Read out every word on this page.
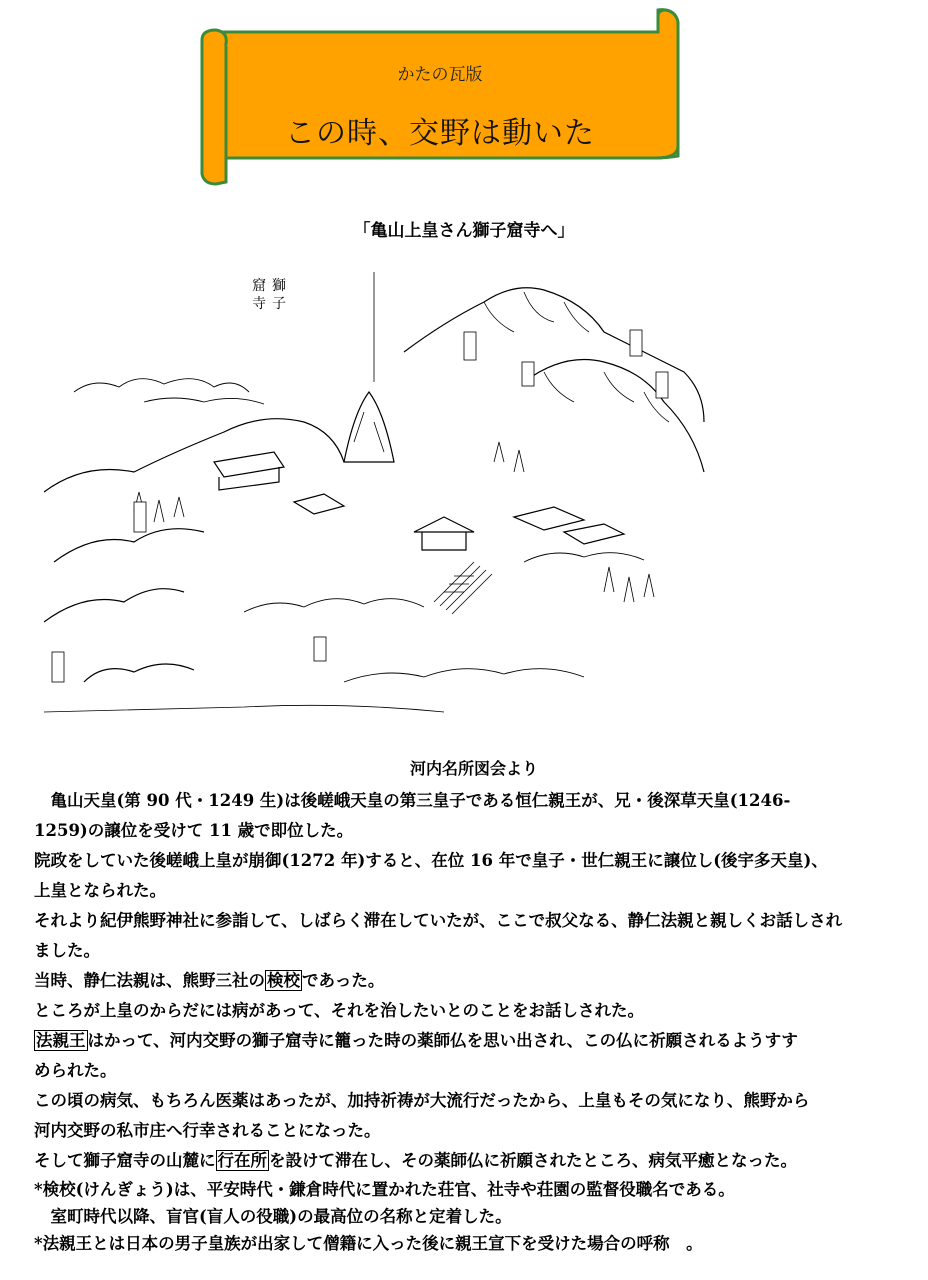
かたの瓦版
この時、交野は動いた
「亀山上皇さん獅子窟寺へ」
獅子 窟寺
河内名所図会より
　亀山天皇(第 90 代・1249 生)は後嵯峨天皇の第三皇子である恒仁親王が、兄・後深草天皇(1246-
1259)の譲位を受けて 11 歳で即位した。
院政をしていた後嵯峨上皇が崩御(1272 年)すると、在位 16 年で皇子・世仁親王に譲位し(後宇多天皇)、
上皇となられた。
それより紀伊熊野神社に参詣して、しばらく滞在していたが、ここで叔父なる、静仁法親と親しくお話しされ
ました。
当時、静仁法親は、熊野三社の 検校 であった。
ところが上皇のからだには病があって、それを治したいとのことをお話しされた。
法親王 はかって、河内交野の獅子窟寺に籠った時の薬師仏を思い出され、この仏に祈願されるようすす
められた。
この頃の病気、もちろん医薬はあったが、加持祈祷が大流行だったから、上皇もその気になり、熊野から
河内交野の私市庄へ行幸されることになった。
そして獅子窟寺の山麓に 行在所 を設けて滞在し、その薬師仏に祈願されたところ、病気平癒となった。
*検校(けんぎょう)は、平安時代・鎌倉時代に置かれた荘官、社寺や荘園の監督役職名である。
　室町時代以降、盲官(盲人の役職)の最高位の名称と定着した。
*法親王とは日本の男子皇族が出家して僧籍に入った後に親王宣下を受けた場合の呼称　。
